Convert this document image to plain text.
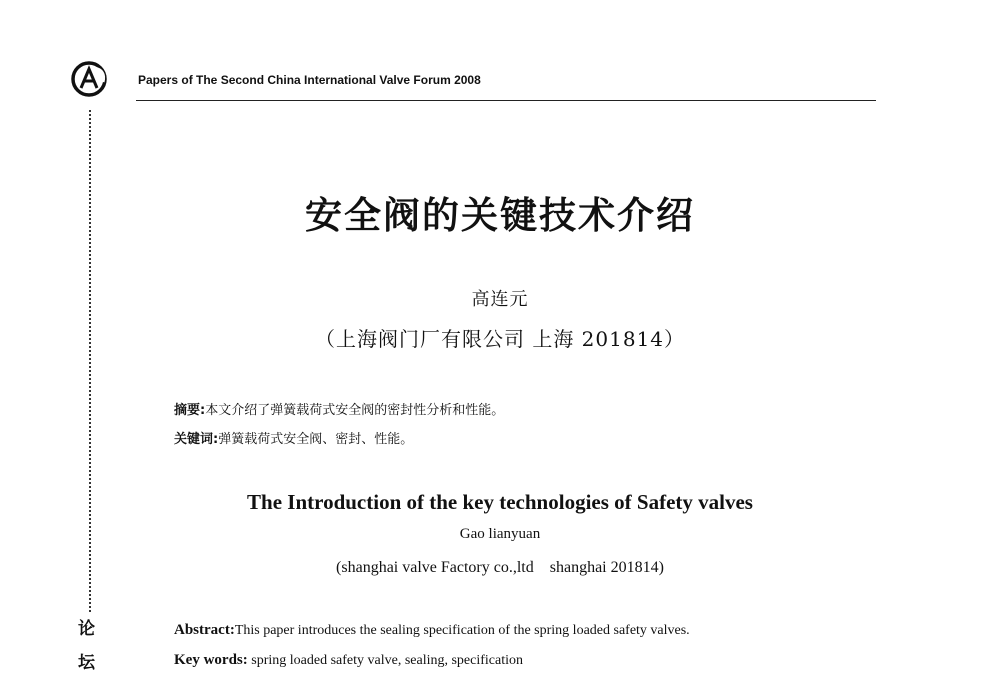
Papers of The Second China International Valve Forum 2008
论
坛
安全阀的关键技术介绍
高连元
（上海阀门厂有限公司 上海 201814）
摘要:本文介绍了弹簧载荷式安全阀的密封性分析和性能。
关键词:弹簧载荷式安全阀、密封、性能。
The Introduction of the key technologies of Safety valves
Gao lianyuan
(shanghai valve Factory co.,ltd    shanghai 201814)
Abstract:This paper introduces the sealing specification of the spring loaded safety valves.
Key words: spring loaded safety valve, sealing, specification
